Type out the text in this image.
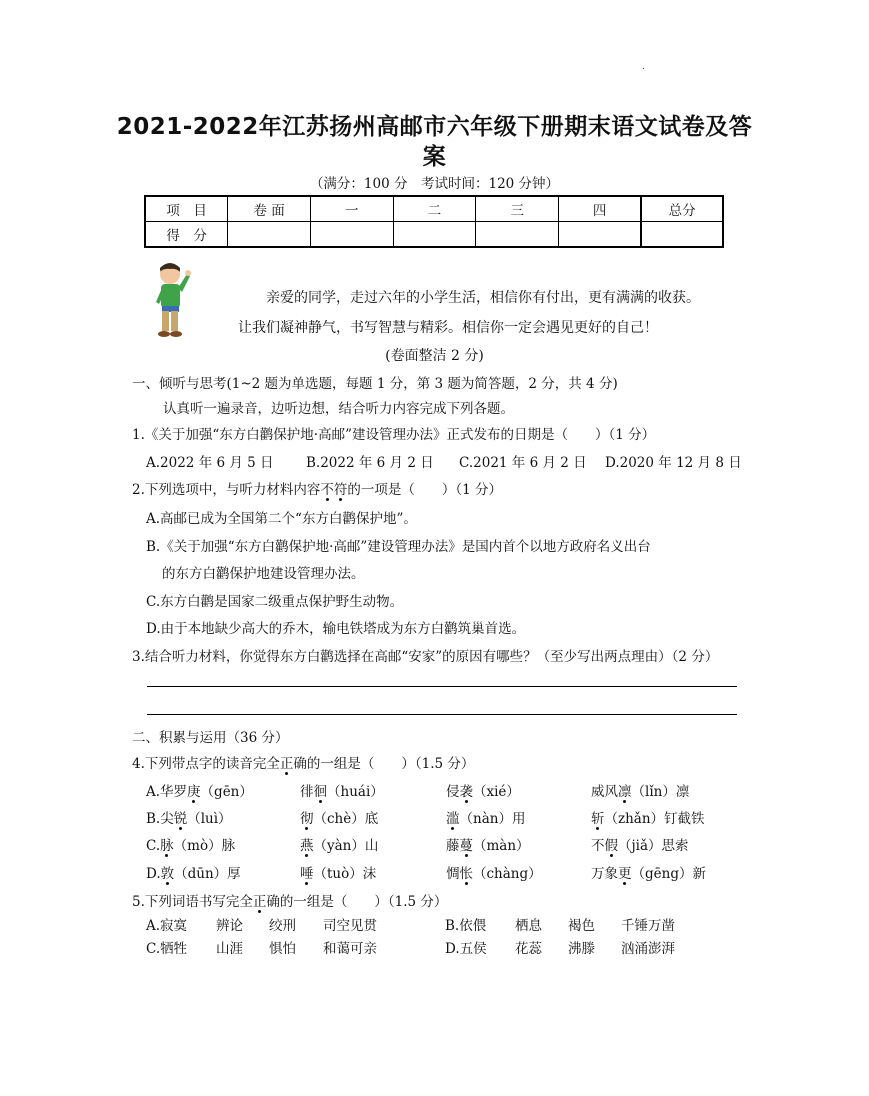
.
2021-2022年江苏扬州高邮市六年级下册期末语文试卷及答
案
（满分：100 分　考试时间：120 分钟）
项　目	卷 面	一	二	三	四	总分
得　分						
亲爱的同学，走过六年的小学生活，相信你有付出，更有满满的收获。
让我们凝神静气，书写智慧与精彩。相信你一定会遇见更好的自己！
(卷面整洁 2 分)
一、倾听与思考(1~2 题为单选题，每题 1 分，第 3 题为简答题，2 分，共 4 分)
认真听一遍录音，边听边想，结合听力内容完成下列各题。
1.《关于加强“东方白鹳保护地·高邮”建设管理办法》正式发布的日期是（　　）（1 分）
A.2022 年 6 月 5 日 B.2022 年 6 月 2 日 C.2021 年 6 月 2 日 D.2020 年 12 月 8 日
2.下列选项中，与听力材料内容不符的一项是（　　）（1 分）
A.高邮已成为全国第二个“东方白鹳保护地”。
B.《关于加强“东方白鹳保护地·高邮”建设管理办法》是国内首个以地方政府名义出台
的东方白鹳保护地建设管理办法。
C.东方白鹳是国家二级重点保护野生动物。
D.由于本地缺少高大的乔木，输电铁塔成为东方白鹳筑巢首选。
3.结合听力材料，你觉得东方白鹳选择在高邮“安家”的原因有哪些？（至少写出两点理由）（2 分）
二、积累与运用（36 分）
4.下列带点字的读音完全正确的一组是（　　）（1.5 分）
A.华罗庚（gēn）	徘徊（huái）	侵袭（xié）	威风凛（lǐn）凛
B.尖锐（luì）	彻（chè）底	滥（nàn）用	斩（zhǎn）钉截铁
C.脉（mò）脉	燕（yàn）山	藤蔓（màn）	不假（jiǎ）思索
D.敦（dūn）厚	唾（tuò）沫	惆怅（chàng）	万象更（gēng）新
5.下列词语书写完全正确的一组是（　　）（1.5 分）
A.寂寞 辨论 绞刑 司空见贯	B.依偎 栖息 褐色 千锤万凿
C.牺牲 山涯 惧怕 和蔼可亲	D.五侯 花蕊 沸滕 汹涌澎湃
